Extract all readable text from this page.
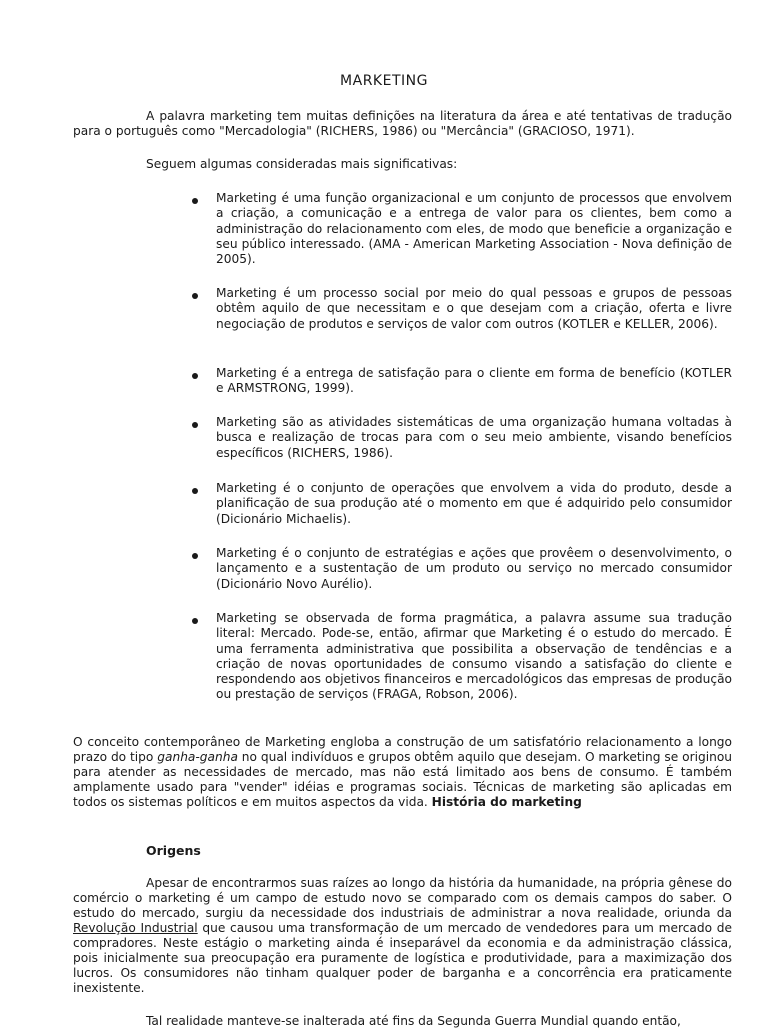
MARKETING

A palavra marketing tem muitas definições na literatura da área e até tentativas de tradução para o português como "Mercadologia" (RICHERS, 1986) ou "Mercância" (GRACIOSO, 1971).

Seguem algumas consideradas mais significativas:

Marketing é uma função organizacional e um conjunto de processos que envolvem a criação, a comunicação e a entrega de valor para os clientes, bem como a administração do relacionamento com eles, de modo que beneficie a organização e seu público interessado. (AMA - American Marketing Association - Nova definição de 2005).

Marketing é um processo social por meio do qual pessoas e grupos de pessoas obtêm aquilo de que necessitam e o que desejam com a criação, oferta e livre negociação de produtos e serviços de valor com outros (KOTLER e KELLER, 2006).

Marketing é a entrega de satisfação para o cliente em forma de benefício (KOTLER e ARMSTRONG, 1999).

Marketing são as atividades sistemáticas de uma organização humana voltadas à busca e realização de trocas para com o seu meio ambiente, visando benefícios específicos (RICHERS, 1986).

Marketing é o conjunto de operações que envolvem a vida do produto, desde a planificação de sua produção até o momento em que é adquirido pelo consumidor (Dicionário Michaelis).

Marketing é o conjunto de estratégias e ações que provêem o desenvolvimento, o lançamento e a sustentação de um produto ou serviço no mercado consumidor (Dicionário Novo Aurélio).

Marketing se observada de forma pragmática, a palavra assume sua tradução literal: Mercado. Pode-se, então, afirmar que Marketing é o estudo do mercado. É uma ferramenta administrativa que possibilita a observação de tendências e a criação de novas oportunidades de consumo visando a satisfação do cliente e respondendo aos objetivos financeiros e mercadológicos das empresas de produção ou prestação de serviços (FRAGA, Robson, 2006).

O conceito contemporâneo de Marketing engloba a construção de um satisfatório relacionamento a longo prazo do tipo ganha-ganha no qual indivíduos e grupos obtêm aquilo que desejam. O marketing se originou para atender as necessidades de mercado, mas não está limitado aos bens de consumo. É também amplamente usado para "vender" idéias e programas sociais. Técnicas de marketing são aplicadas em todos os sistemas políticos e em muitos aspectos da vida. História do marketing

Origens

Apesar de encontrarmos suas raízes ao longo da história da humanidade, na própria gênese do comércio o marketing é um campo de estudo novo se comparado com os demais campos do saber. O estudo do mercado, surgiu da necessidade dos industriais de administrar a nova realidade, oriunda da Revolução Industrial que causou uma transformação de um mercado de vendedores para um mercado de compradores. Neste estágio o marketing ainda é inseparável da economia e da administração clássica, pois inicialmente sua preocupação era puramente de logística e produtividade, para a maximização dos lucros. Os consumidores não tinham qualquer poder de barganha e a concorrência era praticamente inexistente.

Tal realidade manteve-se inalterada até fins da Segunda Guerra Mundial quando então,
